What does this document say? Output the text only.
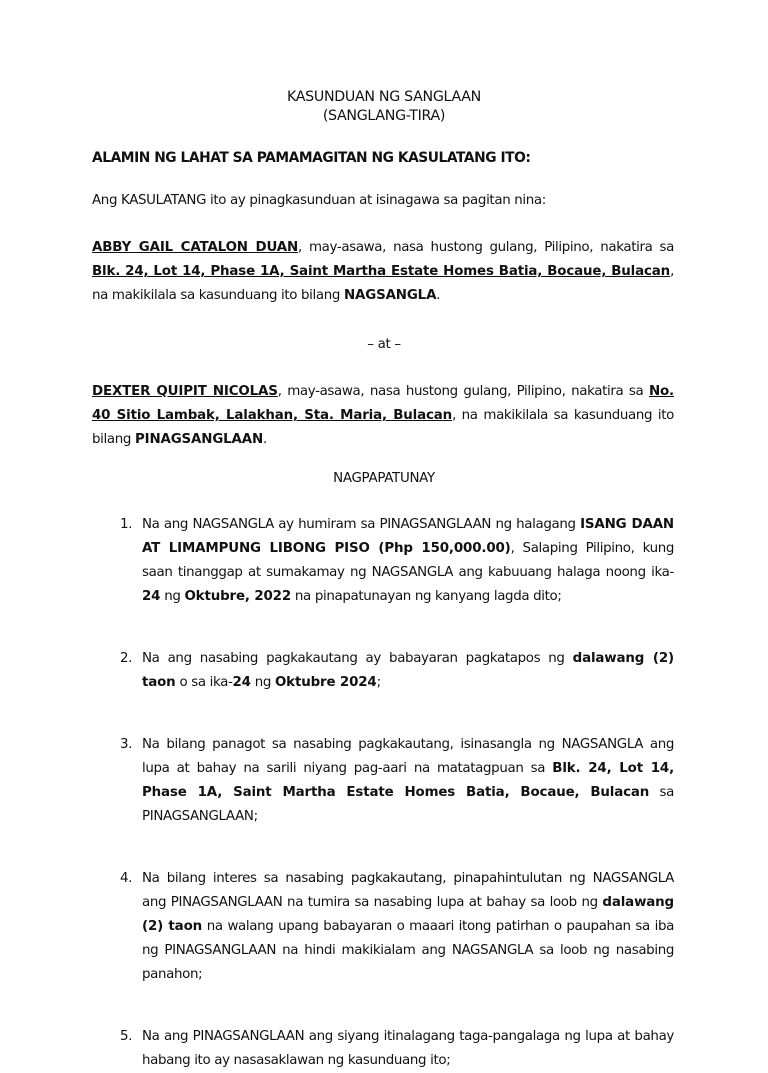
KASUNDUAN NG SANGLAAN
(SANGLANG-TIRA)
ALAMIN NG LAHAT SA PAMAMAGITAN NG KASULATANG ITO:
Ang KASULATANG ito ay pinagkasunduan at isinagawa sa pagitan nina:
ABBY GAIL CATALON DUAN, may-asawa, nasa hustong gulang, Pilipino, nakatira sa Blk. 24, Lot 14, Phase 1A, Saint Martha Estate Homes Batia, Bocaue, Bulacan, na makikilala sa kasunduang ito bilang NAGSANGLA.
– at –
DEXTER QUIPIT NICOLAS, may-asawa, nasa hustong gulang, Pilipino, nakatira sa No. 40 Sitio Lambak, Lalakhan, Sta. Maria, Bulacan, na makikilala sa kasunduang ito bilang PINAGSANGLAAN.
NAGPAPATUNAY
1. Na ang NAGSANGLA ay humiram sa PINAGSANGLAAN ng halagang ISANG DAAN AT LIMAMPUNG LIBONG PISO (Php 150,000.00), Salaping Pilipino, kung saan tinanggap at sumakamay ng NAGSANGLA ang kabuuang halaga noong ika-24 ng Oktubre, 2022 na pinapatunayan ng kanyang lagda dito;
2. Na ang nasabing pagkakautang ay babayaran pagkatapos ng dalawang (2) taon o sa ika-24 ng Oktubre 2024;
3. Na bilang panagot sa nasabing pagkakautang, isinasangla ng NAGSANGLA ang lupa at bahay na sarili niyang pag-aari na matatagpuan sa Blk. 24, Lot 14, Phase 1A, Saint Martha Estate Homes Batia, Bocaue, Bulacan sa PINAGSANGLAAN;
4. Na bilang interes sa nasabing pagkakautang, pinapahintulutan ng NAGSANGLA ang PINAGSANGLAAN na tumira sa nasabing lupa at bahay sa loob ng dalawang (2) taon na walang upang babayaran o maaari itong patirhan o paupahan sa iba ng PINAGSANGLAAN na hindi makikialam ang NAGSANGLA sa loob ng nasabing panahon;
5. Na ang PINAGSANGLAAN ang siyang itinalagang taga-pangalaga ng lupa at bahay habang ito ay nasasaklawan ng kasunduang ito;
